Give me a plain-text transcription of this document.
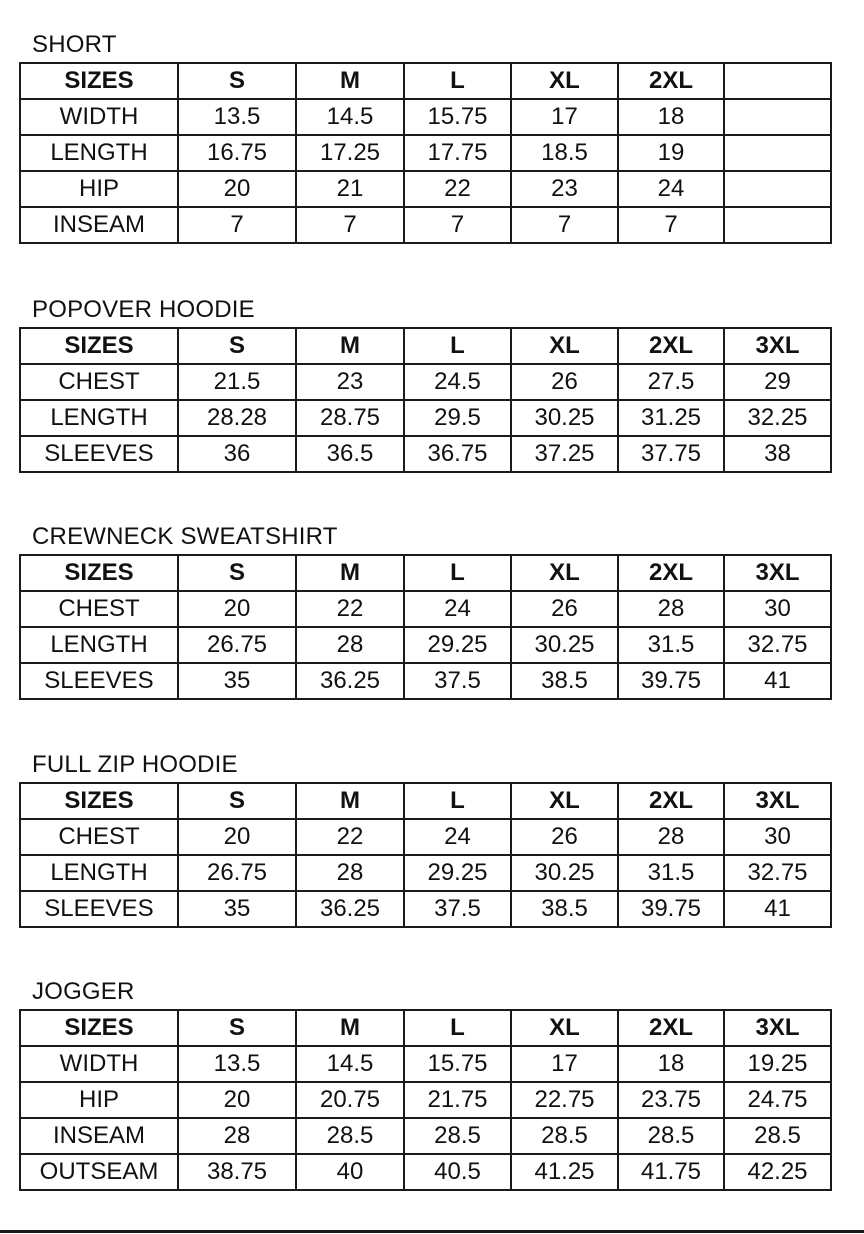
SHORT
SIZES	S	M	L	XL	2XL	
WIDTH	13.5	14.5	15.75	17	18	
LENGTH	16.75	17.25	17.75	18.5	19	
HIP	20	21	22	23	24	
INSEAM	7	7	7	7	7	
POPOVER HOODIE
SIZES	S	M	L	XL	2XL	3XL
CHEST	21.5	23	24.5	26	27.5	29
LENGTH	28.28	28.75	29.5	30.25	31.25	32.25
SLEEVES	36	36.5	36.75	37.25	37.75	38
CREWNECK SWEATSHIRT
SIZES	S	M	L	XL	2XL	3XL
CHEST	20	22	24	26	28	30
LENGTH	26.75	28	29.25	30.25	31.5	32.75
SLEEVES	35	36.25	37.5	38.5	39.75	41
FULL ZIP HOODIE
SIZES	S	M	L	XL	2XL	3XL
CHEST	20	22	24	26	28	30
LENGTH	26.75	28	29.25	30.25	31.5	32.75
SLEEVES	35	36.25	37.5	38.5	39.75	41
JOGGER
SIZES	S	M	L	XL	2XL	3XL
WIDTH	13.5	14.5	15.75	17	18	19.25
HIP	20	20.75	21.75	22.75	23.75	24.75
INSEAM	28	28.5	28.5	28.5	28.5	28.5
OUTSEAM	38.75	40	40.5	41.25	41.75	42.25
